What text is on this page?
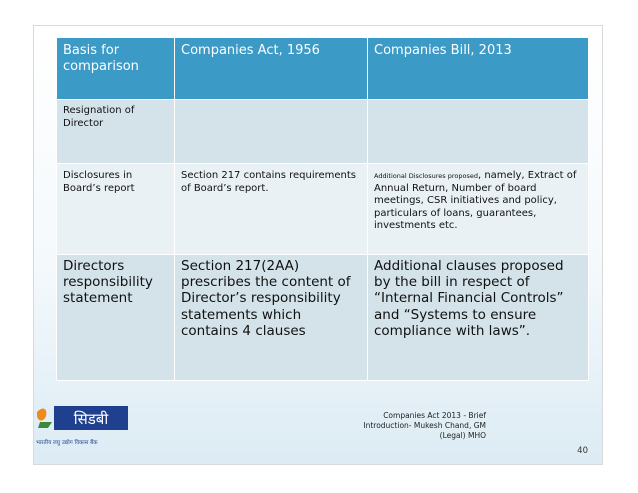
Basis for comparison	Companies Act, 1956	Companies Bill, 2013
Resignation of Director		
Disclosures in Board’s report	Section 217 contains requirements of Board’s report.	Additional Disclosures proposed, namely, Extract of Annual Return, Number of board meetings, CSR initiatives and policy, particulars of loans, guarantees, investments etc.
Directors responsibility statement	Section 217(2AA) prescribes the content of Director’s responsibility statements which contains 4 clauses	Additional clauses proposed by the bill in respect of “Internal Financial Controls” and “Systems to ensure compliance with laws”.
सिडबी
भारतीय लघु उद्योग विकास बैंक
Companies Act 2013 - Brief
Introduction- Mukesh Chand, GM
(Legal) MHO
40
